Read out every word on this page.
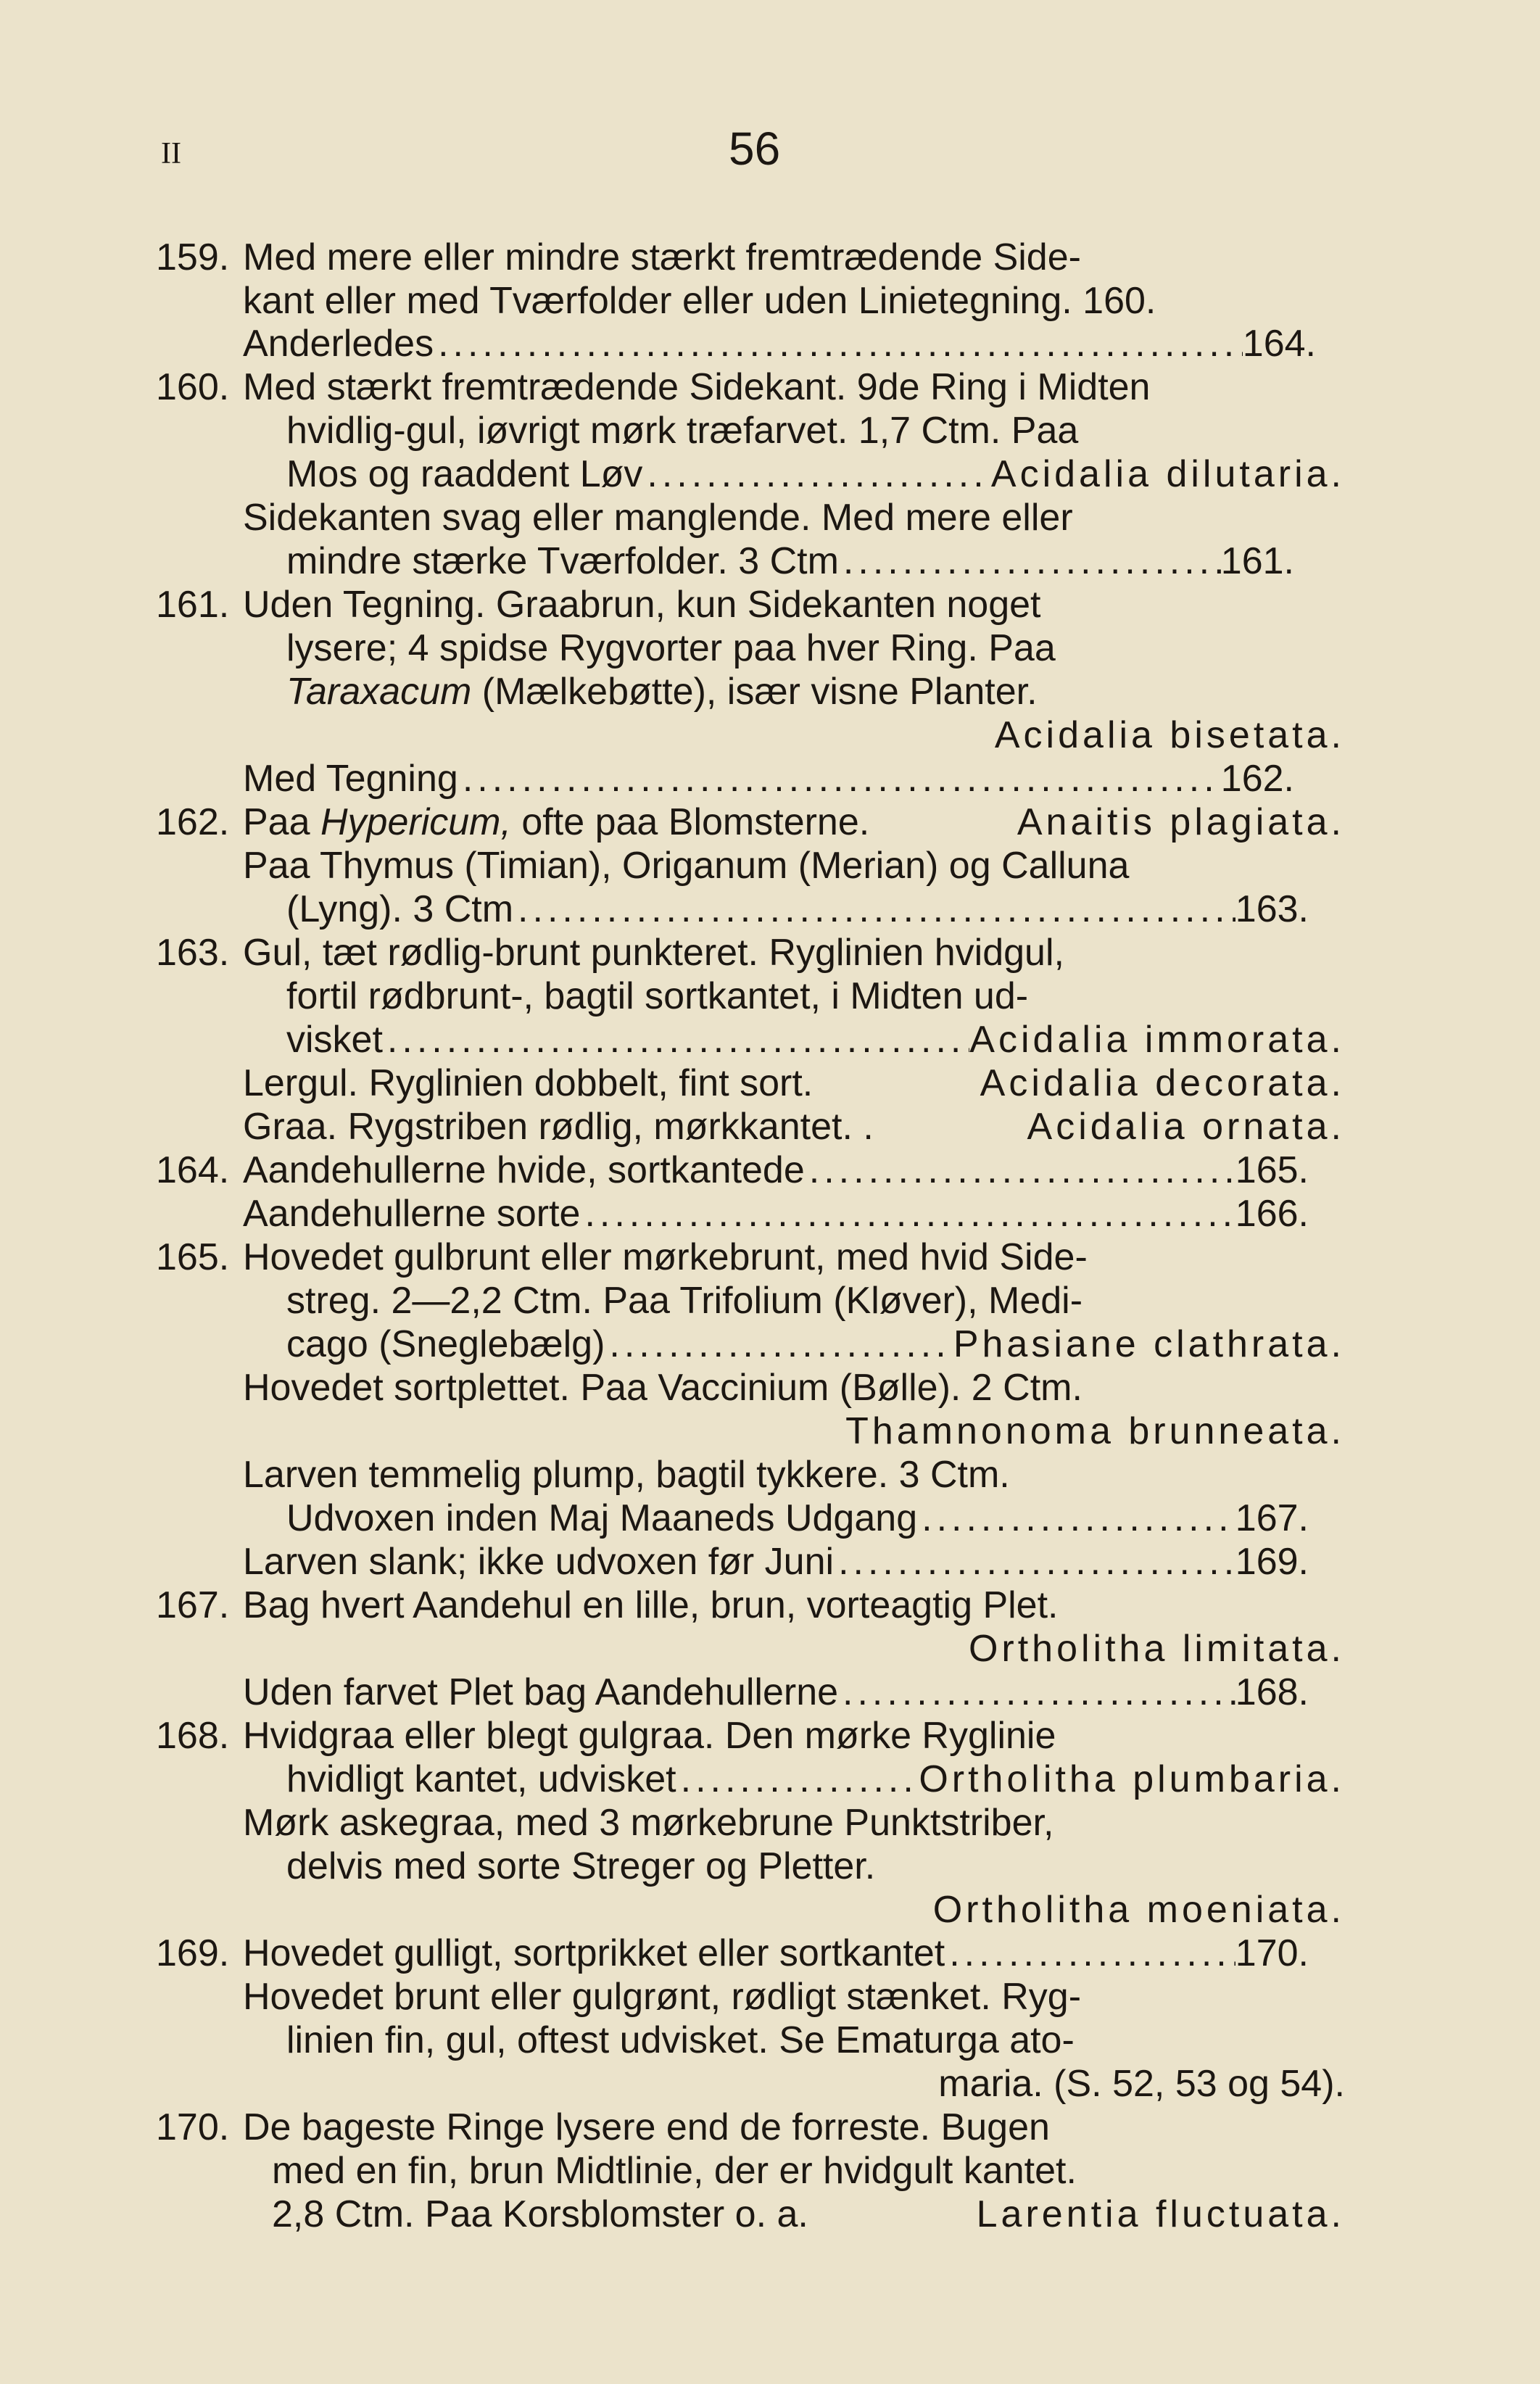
II	56
159. Med mere eller mindre stærkt fremtrædende Side-
kant eller med Tværfolder eller uden Linietegning. 160.
Anderledes .....	164.
160. Med stærkt fremtrædende Sidekant. 9de Ring i Midten
hvidlig-gul, iøvrigt mørk træfarvet. 1,7 Ctm. Paa
Mos og raaddent Løv .....	Acidalia dilutaria.
Sidekanten svag eller manglende. Med mere eller
mindre stærke Tværfolder. 3 Ctm .....	161.
161. Uden Tegning. Graabrun, kun Sidekanten noget
lysere; 4 spidse Rygvorter paa hver Ring. Paa
Taraxacum (Mælkebøtte), især visne Planter.
Acidalia bisetata.
Med Tegning .....	162.
162. Paa Hypericum, ofte paa Blomsterne.	Anaitis plagiata.
Paa Thymus (Timian), Origanum (Merian) og Calluna
(Lyng). 3 Ctm .....	163.
163. Gul, tæt rødlig-brunt punkteret. Ryglinien hvidgul,
fortil rødbrunt-, bagtil sortkantet, i Midten ud-
visket .....	Acidalia immorata.
Lergul. Ryglinien dobbelt, fint sort.	Acidalia decorata.
Graa. Rygstriben rødlig, mørkkantet. .	Acidalia ornata.
164. Aandehullerne hvide, sortkantede .....	165.
Aandehullerne sorte .....	166.
165. Hovedet gulbrunt eller mørkebrunt, med hvid Side-
streg. 2—2,2 Ctm. Paa Trifolium (Kløver), Medi-
cago (Sneglebælg) .....	Phasiane clathrata.
Hovedet sortplettet. Paa Vaccinium (Bølle). 2 Ctm.
Thamnonoma brunneata.
Larven temmelig plump, bagtil tykkere. 3 Ctm.
Udvoxen inden Maj Maaneds Udgang .....	167.
Larven slank; ikke udvoxen før Juni .....	169.
167. Bag hvert Aandehul en lille, brun, vorteagtig Plet.
Ortholitha limitata.
Uden farvet Plet bag Aandehullerne .....	168.
168. Hvidgraa eller blegt gulgraa. Den mørke Ryglinie
hvidligt kantet, udvisket .....	Ortholitha plumbaria.
Mørk askegraa, med 3 mørkebrune Punktstriber,
delvis med sorte Streger og Pletter.
Ortholitha moeniata.
169. Hovedet gulligt, sortprikket eller sortkantet .....	170.
Hovedet brunt eller gulgrønt, rødligt stænket. Ryg-
linien fin, gul, oftest udvisket. Se Ematurga ato-
maria. (S. 52, 53 og 54).
170. De bageste Ringe lysere end de forreste. Bugen
med en fin, brun Midtlinie, der er hvidgult kantet.
2,8 Ctm. Paa Korsblomster o. a.	Larentia fluctuata.
